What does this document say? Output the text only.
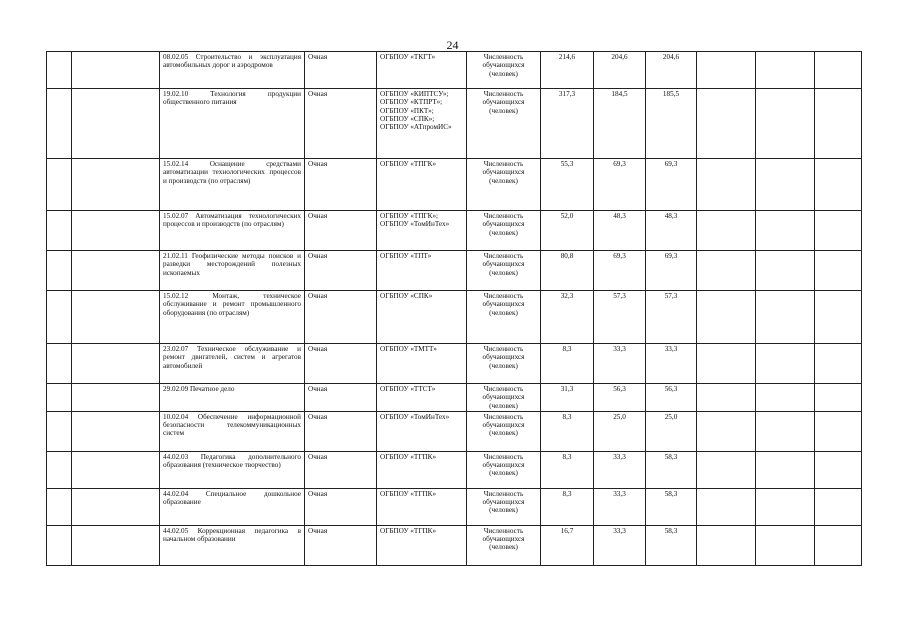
24
		08.02.05 Строительство и эксплуатация автомобильных дорог и аэродромов	Очная	ОГБПОУ «ТКГТ»	Численность обучающихся (человек)	214,6	204,6	204,6			
		19.02.10 Технология продукции общественного питания	Очная	ОГБПОУ «КИПТСУ»;
ОГБПОУ «КТПРТ»;
ОГБПОУ «ПКТ»;
ОГБПОУ «СПК»;
ОГБПОУ «АТпромИС»	Численность обучающихся (человек)	317,3	184,5	185,5			
		15.02.14 Оснащение средствами автоматизации технологических процессов и производств (по отраслям)	Очная	ОГБПОУ «ТПГК»	Численность обучающихся (человек)	55,3	69,3	69,3			
		15.02.07 Автоматизация технологических процессов и производств (по отраслям)	Очная	ОГБПОУ «ТПГК»;
ОГБПОУ «ТомИнТех»	Численность обучающихся (человек)	52,0	48,3	48,3			
		21.02.11 Геофизические методы поисков и разведки месторождений полезных ископаемых	Очная	ОГБПОУ «ТПТ»	Численность обучающихся (человек)	80,8	69,3	69,3			
		15.02.12 Монтаж, техническое обслуживание и ремонт промышленного оборудования (по отраслям)	Очная	ОГБПОУ «СПК»	Численность обучающихся (человек)	32,3	57,3	57,3			
		23.02.07 Техническое обслуживание и ремонт двигателей, систем и агрегатов автомобилей	Очная	ОГБПОУ «ТМТТ»	Численность обучающихся (человек)	8,3	33,3	33,3			
		29.02.09 Печатное дело	Очная	ОГБПОУ «ТТСТ»	Численность обучающихся (человек)	31,3	56,3	56,3			
		10.02.04 Обеспечение информационной безопасности телекоммуникационных систем	Очная	ОГБПОУ «ТомИнТех»	Численность обучающихся (человек)	8,3	25,0	25,0			
		44.02.03 Педагогика дополнительного образования (техническое творчество)	Очная	ОГБПОУ «ТГПК»	Численность обучающихся (человек)	8,3	33,3	58,3			
		44.02.04 Специальное дошкольное образование	Очная	ОГБПОУ «ТГПК»	Численность обучающихся (человек)	8,3	33,3	58,3			
		44.02.05 Коррекционная педагогика в начальном образовании	Очная	ОГБПОУ «ТГПК»	Численность обучающихся (человек)	16,7	33,3	58,3			
